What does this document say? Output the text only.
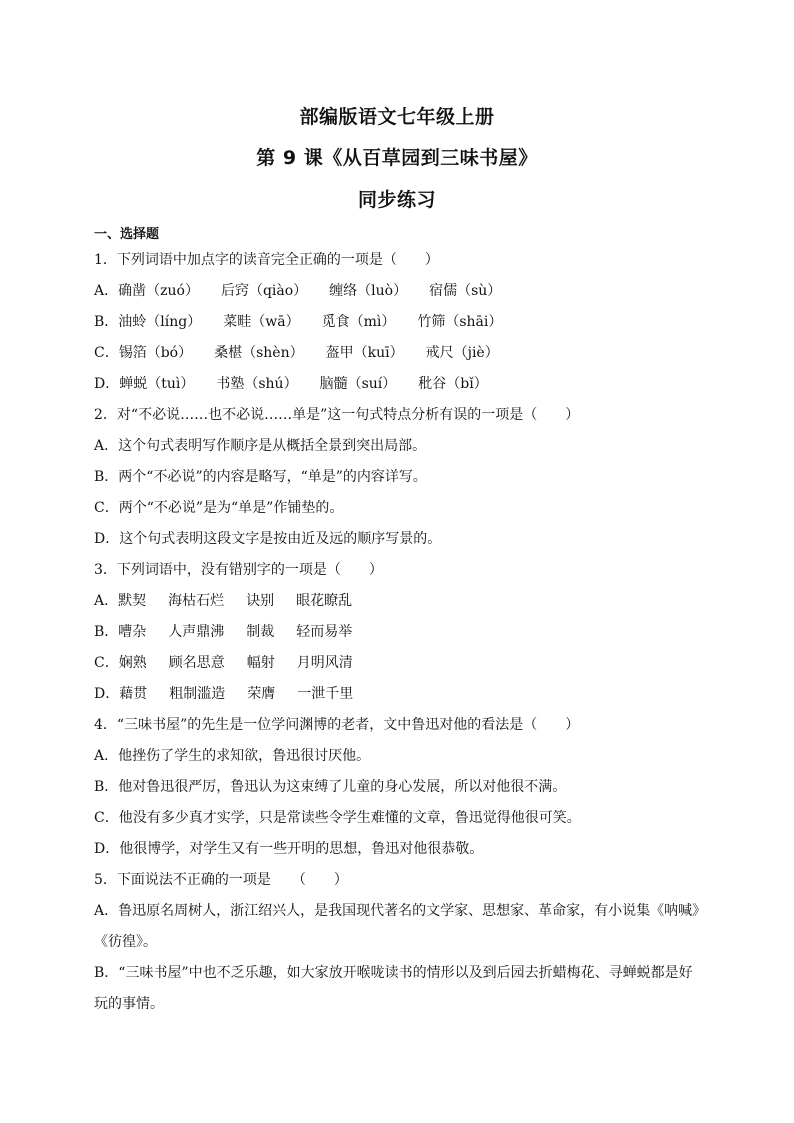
部编版语文七年级上册
第 9 课《从百草园到三味书屋》
同步练习
一、选择题
1．下列词语中加点字的读音完全正确的一项是（　　）
A．确凿（zuó） 后窍（qiào） 缠络（luò） 宿儒（sù）
B．油蛉（líng） 菜畦（wā） 觅食（mì） 竹筛（shāi）
C．锡箔（bó） 桑椹（shèn） 盔甲（kuī） 戒尺（jiè）
D．蝉蜕（tuì） 书塾（shú） 脑髓（suí） 秕谷（bǐ）
2．对“不必说……也不必说……单是”这一句式特点分析有误的一项是（　　）
A．这个句式表明写作顺序是从概括全景到突出局部。
B．两个“不必说”的内容是略写，“单是”的内容详写。
C．两个“不必说”是为“单是”作铺垫的。
D．这个句式表明这段文字是按由近及远的顺序写景的。
3．下列词语中，没有错别字的一项是（　　）
A．默契 海枯石烂 诀别 眼花瞭乱
B．嘈杂 人声鼎沸 制裁 轻而易举
C．娴熟 顾名思意 幅射 月明风清
D．藉贯 粗制滥造 荣膺 一泄千里
4．“三味书屋”的先生是一位学问渊博的老者，文中鲁迅对他的看法是（　　）
A．他挫伤了学生的求知欲，鲁迅很讨厌他。
B．他对鲁迅很严厉，鲁迅认为这束缚了儿童的身心发展，所以对他很不满。
C．他没有多少真才实学，只是常读些令学生难懂的文章，鲁迅觉得他很可笑。
D．他很博学，对学生又有一些开明的思想，鲁迅对他很恭敬。
5．下面说法不正确的一项是　　（　　）
A．鲁迅原名周树人，浙江绍兴人，是我国现代著名的文学家、思想家、革命家，有小说集《呐喊》《彷徨》。
B．“三味书屋”中也不乏乐趣，如大家放开喉咙读书的情形以及到后园去折蜡梅花、寻蝉蜕都是好玩的事情。
